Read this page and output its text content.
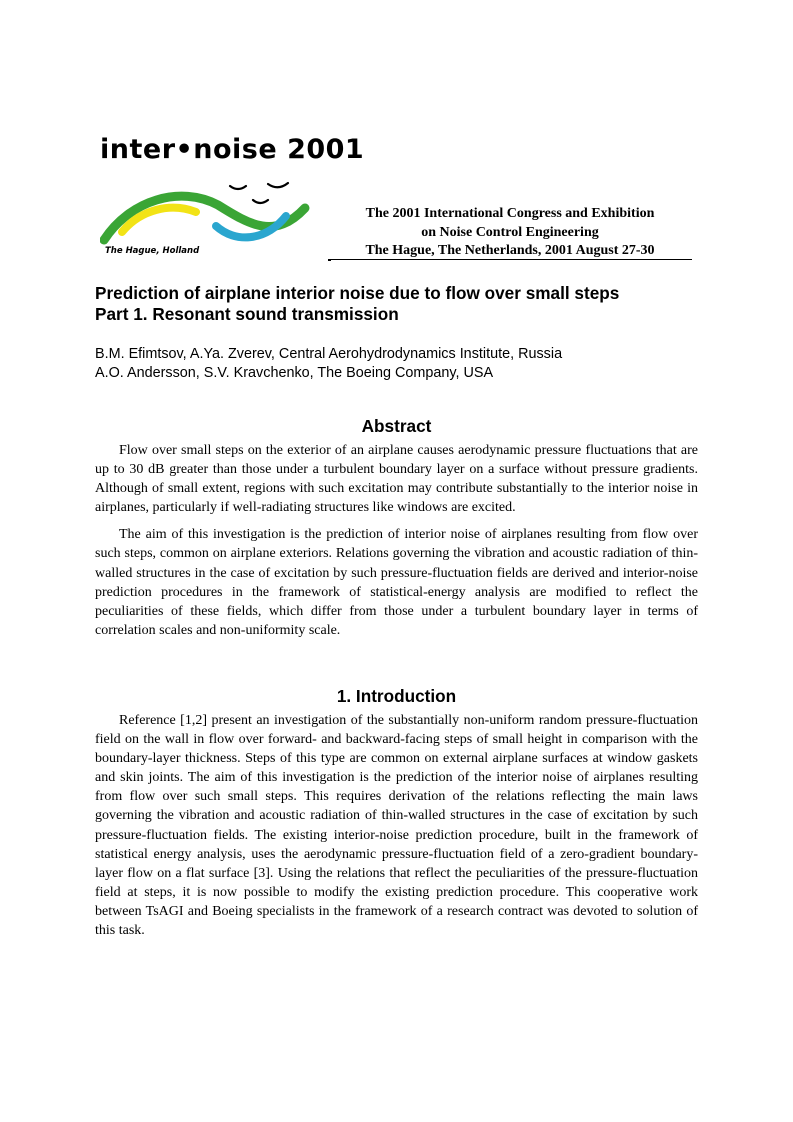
inter•noise 2001
The Hague, Holland
The 2001 International Congress and Exhibition
on Noise Control Engineering
The Hague, The Netherlands, 2001 August 27-30
Prediction of airplane interior noise due to flow over small steps
Part 1. Resonant sound transmission
B.M. Efimtsov, A.Ya. Zverev, Central Aerohydrodynamics Institute, Russia
A.O. Andersson, S.V. Kravchenko, The Boeing Company, USA
Abstract

Flow over small steps on the exterior of an airplane causes aerodynamic pressure fluctuations that are up to 30 dB greater than those under a turbulent boundary layer on a surface without pressure gradients. Although of small extent, regions with such excitation may contribute substantially to the interior noise in airplanes, particularly if well-radiating structures like windows are excited.

The aim of this investigation is the prediction of interior noise of airplanes resulting from flow over such steps, common on airplane exteriors. Relations governing the vibration and acoustic radiation of thin-walled structures in the case of excitation by such pressure-fluctuation fields are derived and interior-noise prediction procedures in the framework of statistical-energy analysis are modified to reflect the peculiarities of these fields, which differ from those under a turbulent boundary layer in terms of correlation scales and non-uniformity scale.

1. Introduction

Reference [1,2] present an investigation of the substantially non-uniform random pressure-fluctuation field on the wall in flow over forward- and backward-facing steps of small height in comparison with the boundary-layer thickness. Steps of this type are common on external airplane surfaces at window gaskets and skin joints. The aim of this investigation is the prediction of the interior noise of airplanes resulting from flow over such small steps. This requires derivation of the relations reflecting the main laws governing the vibration and acoustic radiation of thin-walled structures in the case of excitation by such pressure-fluctuation fields. The existing interior-noise prediction procedure, built in the framework of statistical energy analysis, uses the aerodynamic pressure-fluctuation field of a zero-gradient boundary-layer flow on a flat surface [3]. Using the relations that reflect the peculiarities of the pressure-fluctuation field at steps, it is now possible to modify the existing prediction procedure. This cooperative work between TsAGI and Boeing specialists in the framework of a research contract was devoted to solution of this task.
